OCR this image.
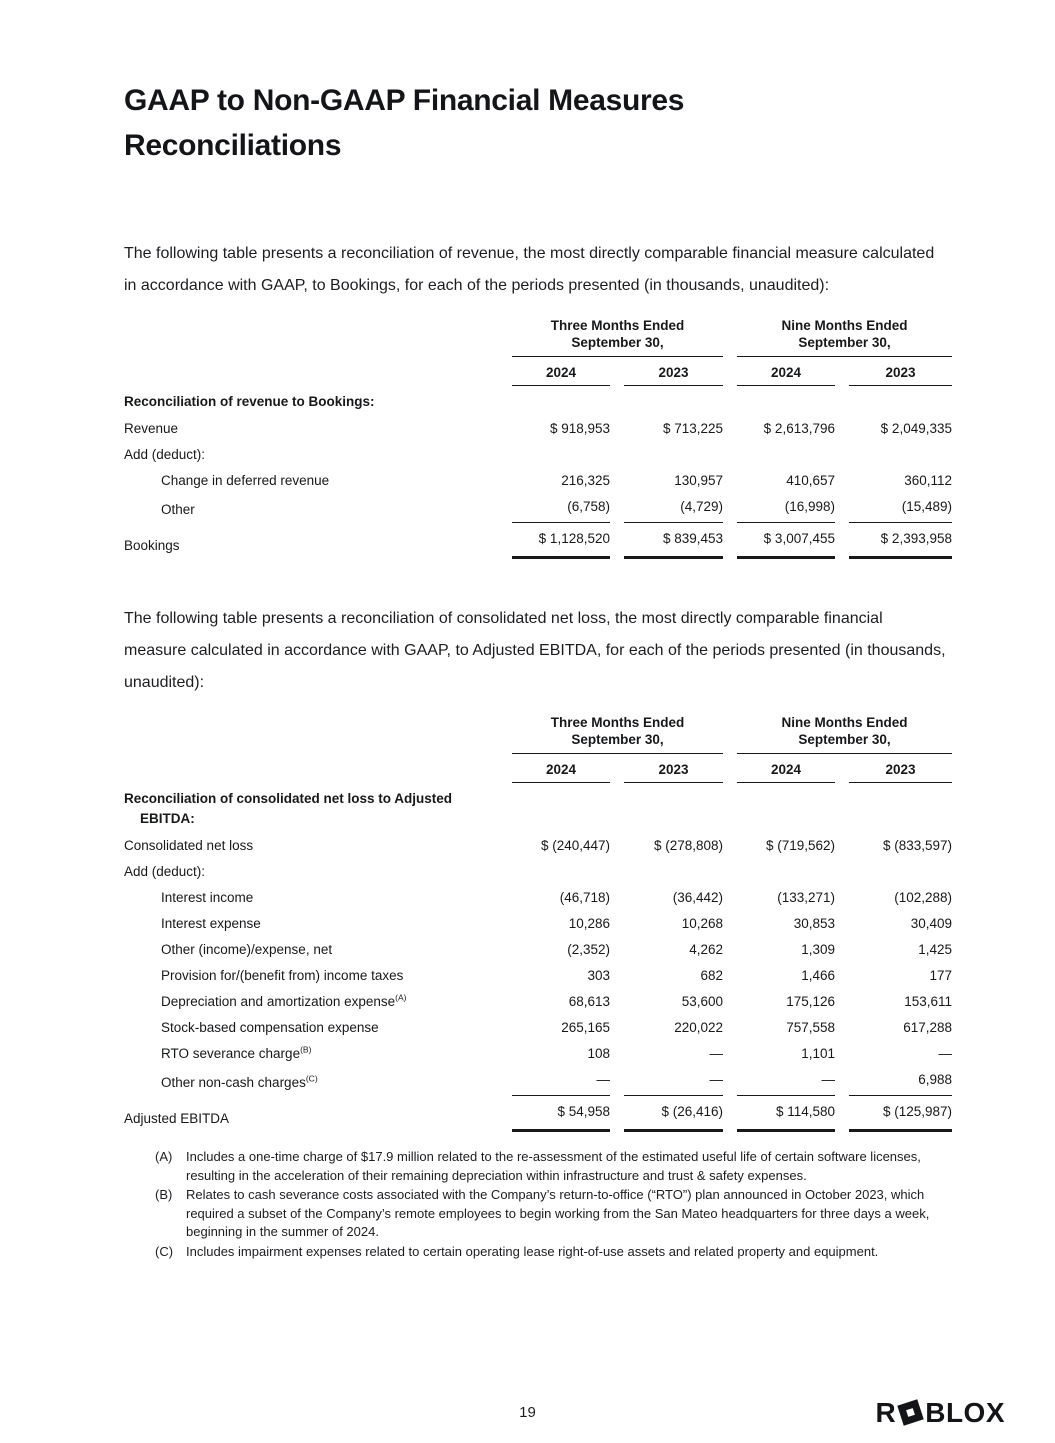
GAAP to Non-GAAP Financial Measures
Reconciliations

The following table presents a reconciliation of revenue, the most directly comparable financial measure calculated in accordance with GAAP, to Bookings, for each of the periods presented (in thousands, unaudited):

Three Months Ended
September 30,
Nine Months Ended
September 30,
2024	2023	2024	2023
Reconciliation of revenue to Bookings:
Revenue	$ 918,953	$ 713,225	$ 2,613,796	$ 2,049,335
Add (deduct):
Change in deferred revenue	216,325	130,957	410,657	360,112
Other	(6,758)	(4,729)	(16,998)	(15,489)
Bookings	$ 1,128,520	$ 839,453	$ 3,007,455	$ 2,393,958

The following table presents a reconciliation of consolidated net loss, the most directly comparable financial measure calculated in accordance with GAAP, to Adjusted EBITDA, for each of the periods presented (in thousands, unaudited):

Three Months Ended
September 30,
Nine Months Ended
September 30,
2024	2023	2024	2023
Reconciliation of consolidated net loss to Adjusted EBITDA:
Consolidated net loss	$ (240,447)	$ (278,808)	$ (719,562)	$ (833,597)
Add (deduct):
Interest income	(46,718)	(36,442)	(133,271)	(102,288)
Interest expense	10,286	10,268	30,853	30,409
Other (income)/expense, net	(2,352)	4,262	1,309	1,425
Provision for/(benefit from) income taxes	303	682	1,466	177
Depreciation and amortization expense$^{(A)}$	68,613	53,600	175,126	153,611
Stock-based compensation expense	265,165	220,022	757,558	617,288
RTO severance charge$^{(B)}$	108	—	1,101	—
Other non-cash charges$^{(C)}$	—	—	—	6,988
Adjusted EBITDA	$ 54,958	$ (26,416)	$ 114,580	$ (125,987)
(A)	Includes a one-time charge of $17.9 million related to the re-assessment of the estimated useful life of certain software licenses, resulting in the acceleration of their remaining depreciation within infrastructure and trust & safety expenses.
(B)	Relates to cash severance costs associated with the Company’s return-to-office (“RTO”) plan announced in October 2023, which required a subset of the Company’s remote employees to begin working from the San Mateo headquarters for three days a week, beginning in the summer of 2024.
(C) Includes impairment expenses related to certain operating lease right-of-use assets and related property and equipment.
19	R BLOX
